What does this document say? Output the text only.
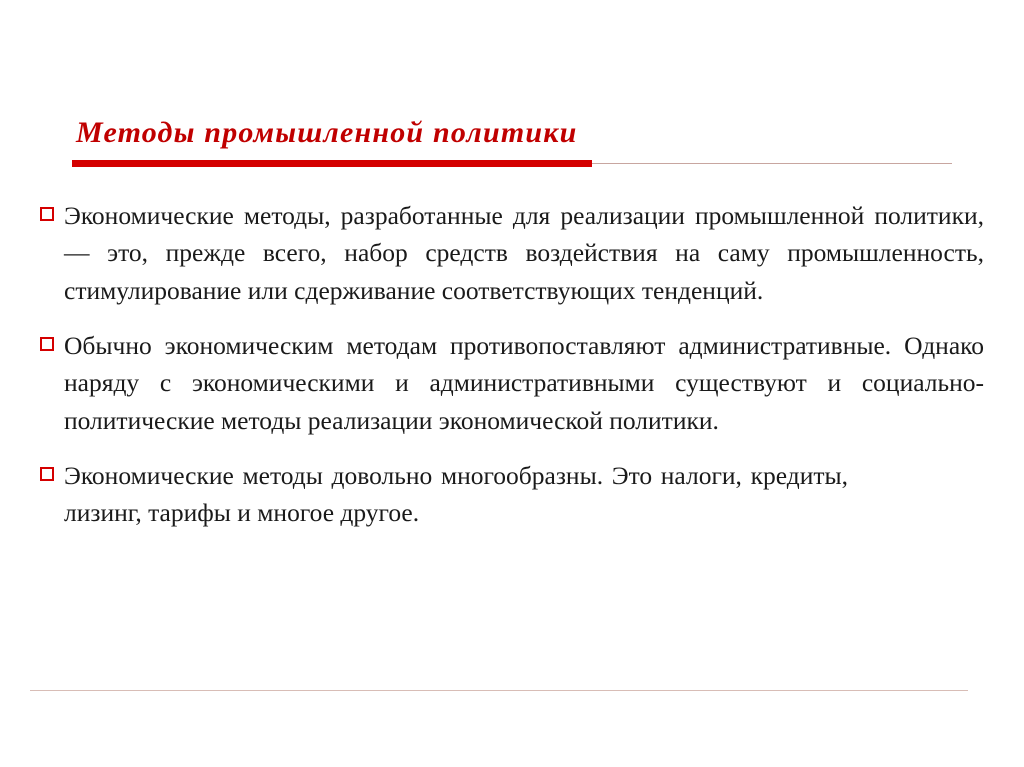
Методы промышленной политики
Экономические методы, разработанные для реализации промышленной политики, — это, прежде всего, набор средств воздействия на саму промышленность, стимулирование или сдерживание соответствующих тенденций.
Обычно экономическим методам противопоставляют административные. Однако наряду с экономическими и административными существуют и социально-политические методы реализации экономической политики.
Экономические методы довольно многообразны. Это налоги, кредиты, лизинг, тарифы и многое другое.
